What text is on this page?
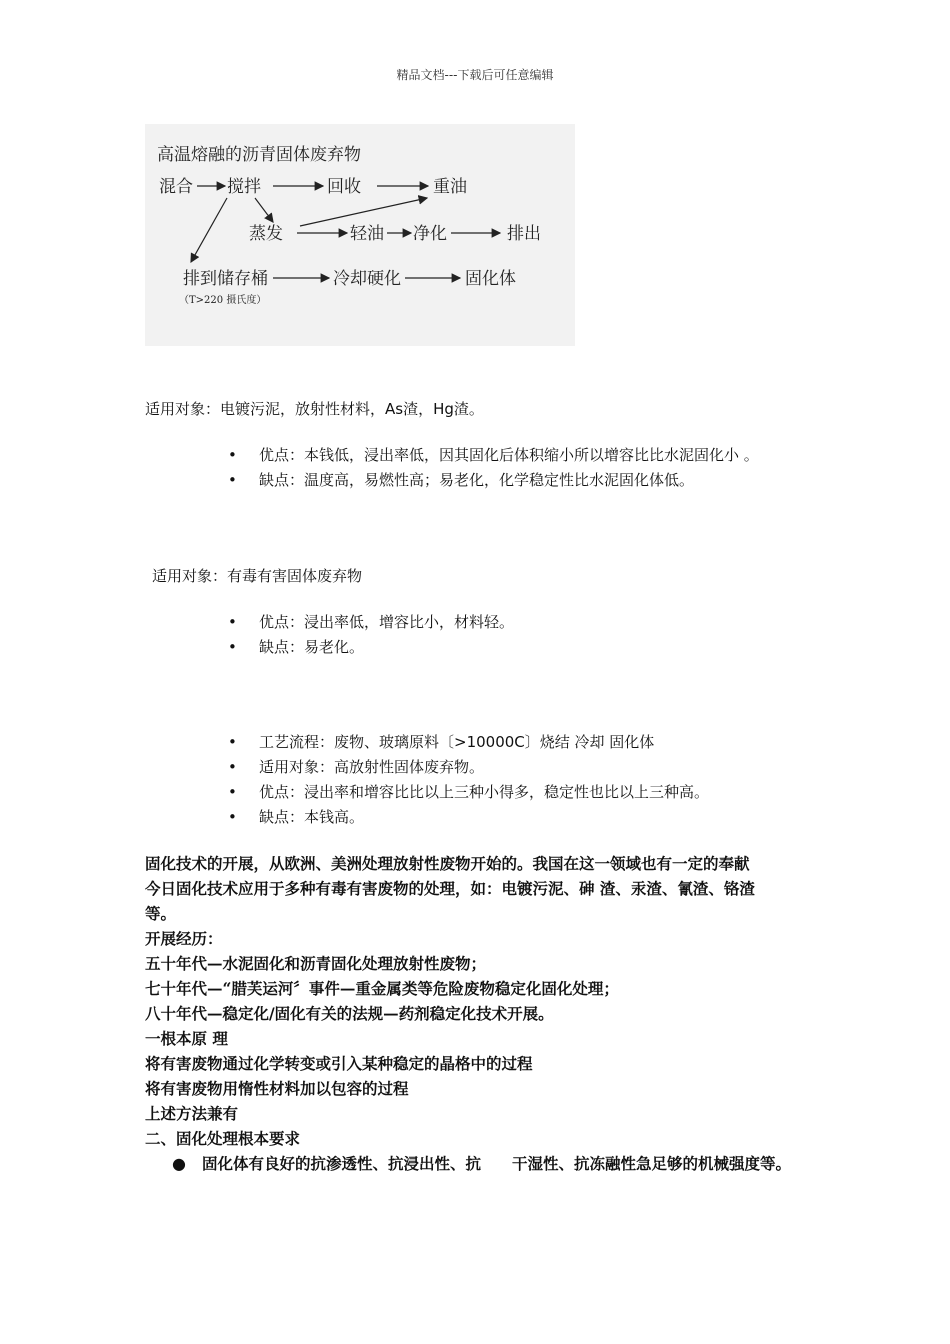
精品文档---下载后可任意编辑
高温熔融的沥青固体废弃物
混合 搅拌	回收	重油
蒸发	轻油 净化	排出
排到储存桶	冷却硬化	固化体
（T>220 摄氏度）
适用对象：电镀污泥，放射性材料，As渣，Hg渣。
• 优点：本钱低，浸出率低，因其固化后体积缩小所以增容比比水泥固化小 。
• 缺点：温度高，易燃性高；易老化，化学稳定性比水泥固化体低。
适用对象：有毒有害固体废弃物
• 优点：浸出率低，增容比小，材料轻。
• 缺点：易老化。
• 工艺流程：废物、玻璃原料〔>10000C〕烧结 冷却 固化体
• 适用对象：高放射性固体废弃物。
• 优点：浸出率和增容比比以上三种小得多，稳定性也比以上三种高。
• 缺点：本钱高。

固化技术的开展，从欧洲、美洲处理放射性废物开始的。我国在这一领域也有一定的奉献

今日固化技术应用于多种有毒有害废物的处理，如：电镀污泥、砷 渣、汞渣、氰渣、铬渣

等。

开展经历：

五十年代—水泥固化和沥青固化处理放射性废物；

七十年代—“腊芙运河〞事件—重金属类等危险废物稳定化固化处理；

八十年代—稳定化/固化有关的法规—药剂稳定化技术开展。

一根本原 理

将有害废物通过化学转变或引入某种稳定的晶格中的过程

将有害废物用惰性材料加以包容的过程

上述方法兼有

二、固化处理根本要求

● 固化体有良好的抗渗透性、抗浸出性、抗　　干湿性、抗冻融性急足够的机械强度等。
